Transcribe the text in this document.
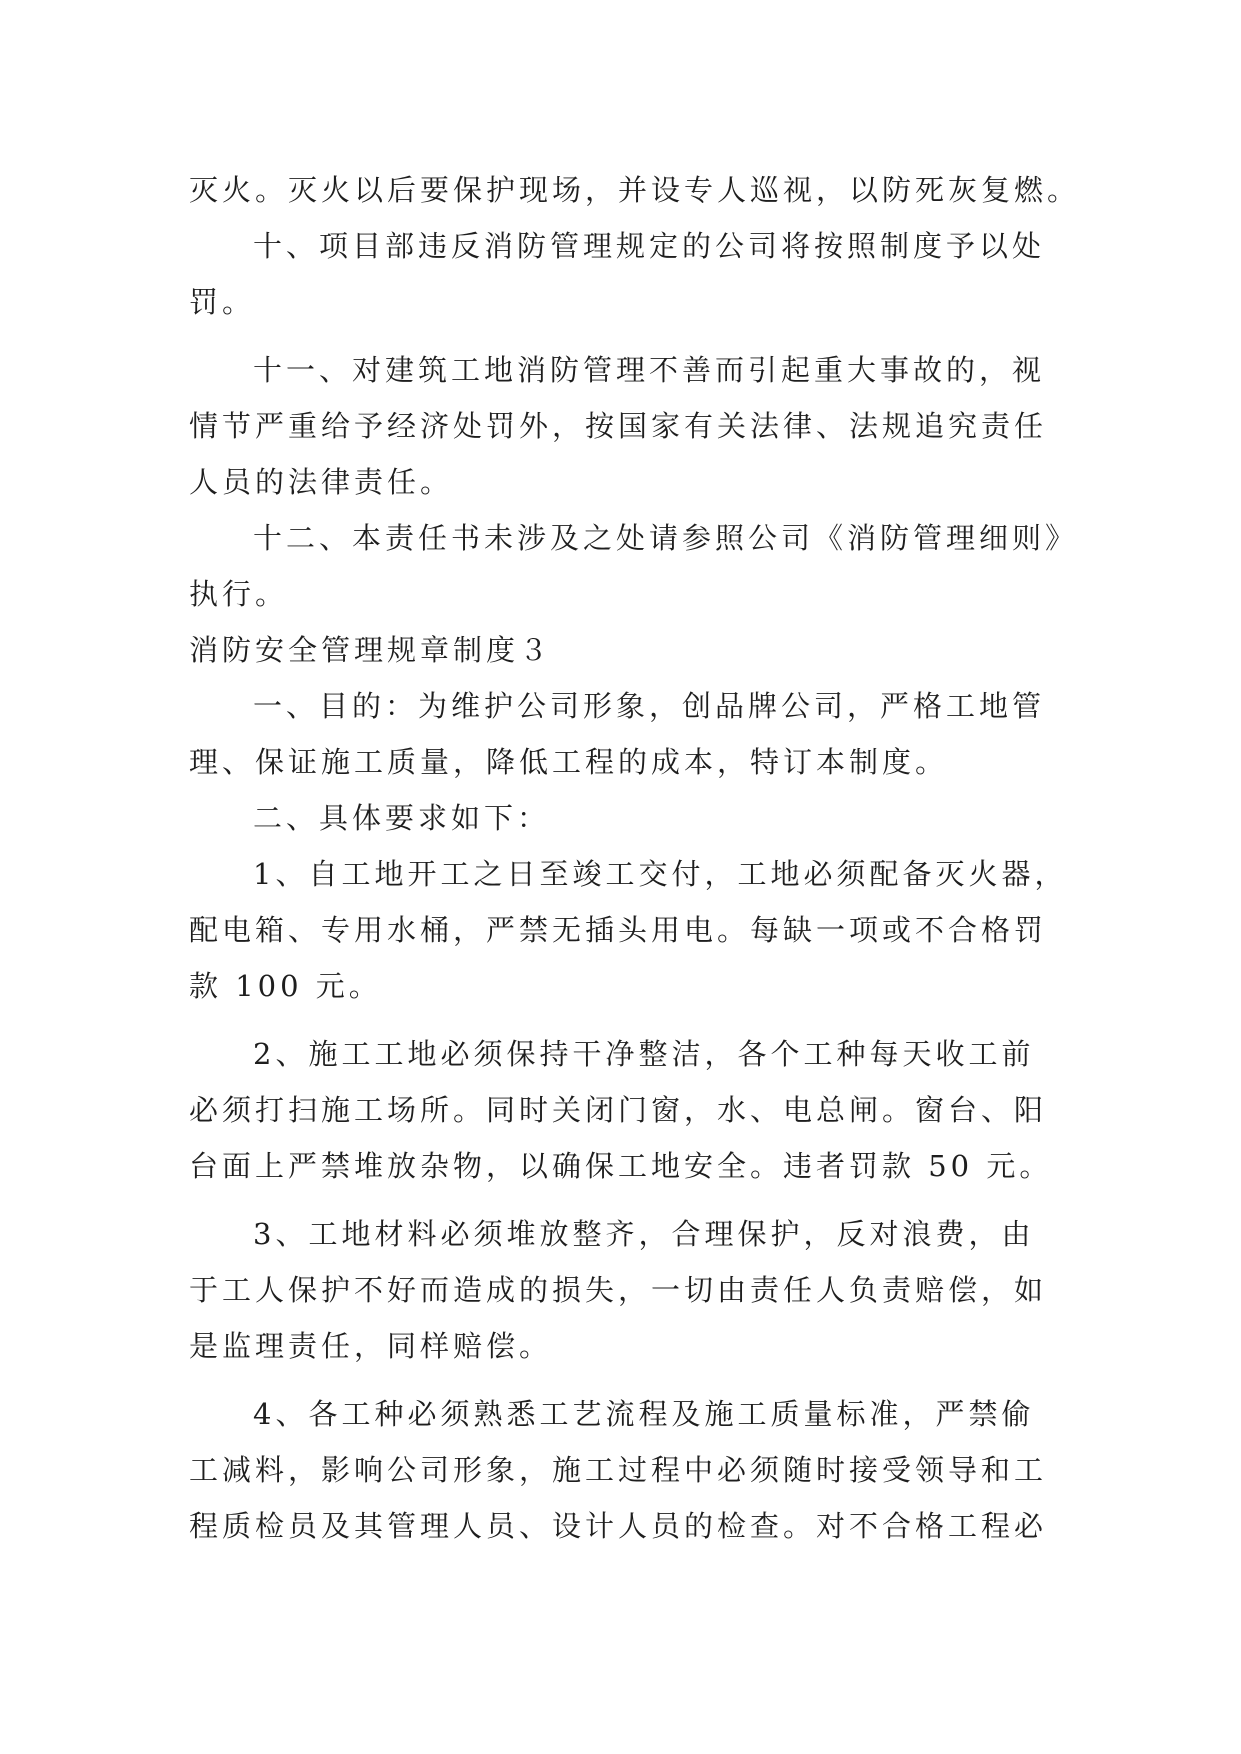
灭火。灭火以后要保护现场，并设专人巡视，以防死灰复燃。
十、项目部违反消防管理规定的公司将按照制度予以处
罚。
十一、对建筑工地消防管理不善而引起重大事故的，视
情节严重给予经济处罚外，按国家有关法律、法规追究责任
人员的法律责任。
十二、本责任书未涉及之处请参照公司《消防管理细则》
执行。
消防安全管理规章制度３
一、目的：为维护公司形象，创品牌公司，严格工地管
理、保证施工质量，降低工程的成本，特订本制度。
二、具体要求如下：
1、自工地开工之日至竣工交付，工地必须配备灭火器，
配电箱、专用水桶，严禁无插头用电。每缺一项或不合格罚
款 100 元。
2、施工工地必须保持干净整洁，各个工种每天收工前
必须打扫施工场所。同时关闭门窗，水、电总闸。窗台、阳
台面上严禁堆放杂物，以确保工地安全。违者罚款 50 元。
3、工地材料必须堆放整齐，合理保护，反对浪费，由
于工人保护不好而造成的损失，一切由责任人负责赔偿，如
是监理责任，同样赔偿。
4、各工种必须熟悉工艺流程及施工质量标准，严禁偷
工减料，影响公司形象，施工过程中必须随时接受领导和工
程质检员及其管理人员、设计人员的检查。对不合格工程必
